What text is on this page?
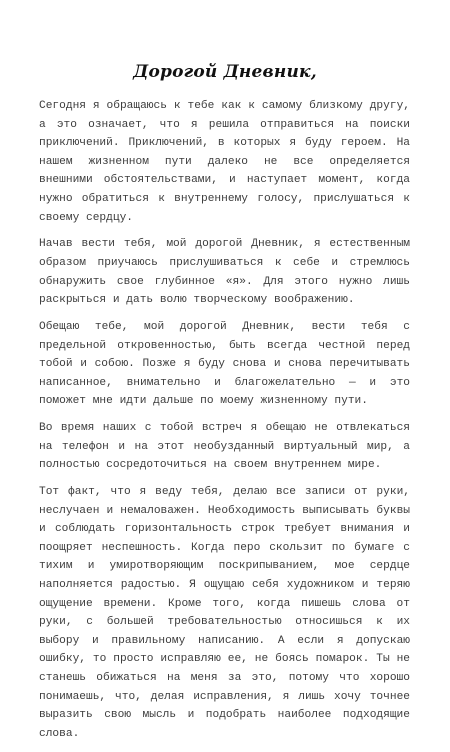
Дорогой Дневник,

Сегодня я обращаюсь к тебе как к самому близкому другу, а это означает, что я решила отправиться на поиски приключений. Приключений, в которых я буду героем. На нашем жизненном пути далеко не все определяется внешними обстоятельствами, и наступает момент, когда нужно обратиться к внутреннему голосу, прислушаться к своему сердцу.

Начав вести тебя, мой дорогой Дневник, я естественным образом приучаюсь прислушиваться к себе и стремлюсь обнаружить свое глубинное «я». Для этого нужно лишь раскрыться и дать волю творческому воображению.

Обещаю тебе, мой дорогой Дневник, вести тебя с предельной откровенностью, быть всегда честной перед тобой и собою. Позже я буду снова и снова перечитывать написанное, внимательно и благожелательно — и это поможет мне идти дальше по моему жизненному пути.

Во время наших с тобой встреч я обещаю не отвлекаться на телефон и на этот необузданный виртуальный мир, а полностью сосредоточиться на своем внутреннем мире.

Тот факт, что я веду тебя, делаю все записи от руки, неслучаен и немаловажен. Необходимость выписывать буквы и соблюдать горизонтальность строк требует внимания и поощряет неспешность. Когда перо скользит по бумаге с тихим и умиротворяющим поскрипыванием, мое сердце наполняется радостью. Я ощущаю себя художником и теряю ощущение времени. Кроме того, когда пишешь слова от руки, с большей требовательностью относишься к их выбору и правильному написанию. А если я допускаю ошибку, то просто исправляю ее, не боясь помарок. Ты не станешь обижаться на меня за это, потому что хорошо понимаешь, что, делая исправления, я лишь хочу точнее выразить свою мысль и подобрать наиболее подходящие слова.
